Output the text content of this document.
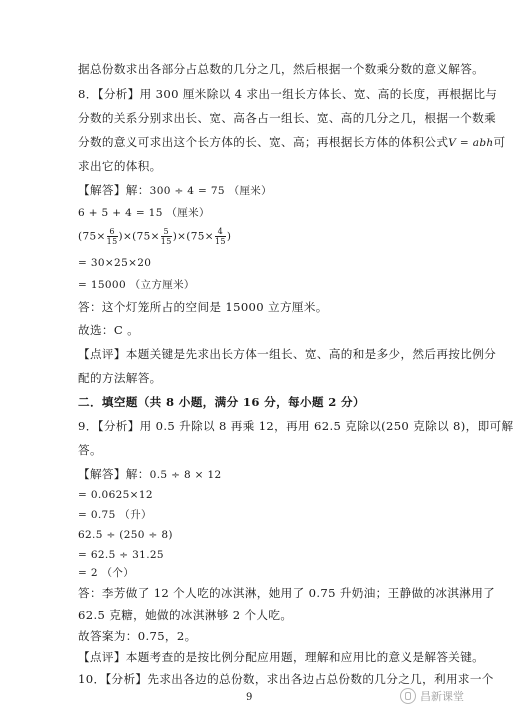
据总份数求出各部分占总数的几分之几，然后根据一个数乘分数的意义解答。
8．【分析】用 300 厘米除以 4 求出一组长方体长、宽、高的长度，再根据比与
分数的关系分别求出长、宽、高各占一组长、宽、高的几分之几，根据一个数乘
分数的意义可求出这个长方体的长、宽、高；再根据长方体的体积公式V = abh可
求出它的体积。
【解答】解：300 ÷ 4 = 75 （厘米）
6 + 5 + 4 = 15 （厘米）
$(75\times \frac{6}{15} )\times(75\times \frac{5}{15} )\times(75\times \frac{4}{15}$ )
= 30×25×20
= 15000 （立方厘米）
答：这个灯笼所占的空间是 15000 立方厘米。
故选：C 。
【点评】本题关键是先求出长方体一组长、宽、高的和是多少，然后再按比例分
配的方法解答。
二．填空题（共 8 小题，满分 16 分，每小题 2 分）
9．【分析】用 0.5 升除以 8 再乘 12，再用 62.5 克除以(250 克除以 8)，即可解
答。
【解答】解：0.5 ÷ 8 × 12
= 0.0625×12
= 0.75 （升）
62.5 ÷ (250 ÷ 8)
= 62.5 ÷ 31.25
= 2 （个）
答：李芳做了 12 个人吃的冰淇淋，她用了 0.75 升奶油；王静做的冰淇淋用了
62.5 克糖，她做的冰淇淋够 2 个人吃。
故答案为：0.75，2。
9	昌新课堂
【点评】本题考查的是按比例分配应用题，理解和应用比的意义是解答关键。
10．【分析】先求出各边的总份数，求出各边占总份数的几分之几，利用求一个
